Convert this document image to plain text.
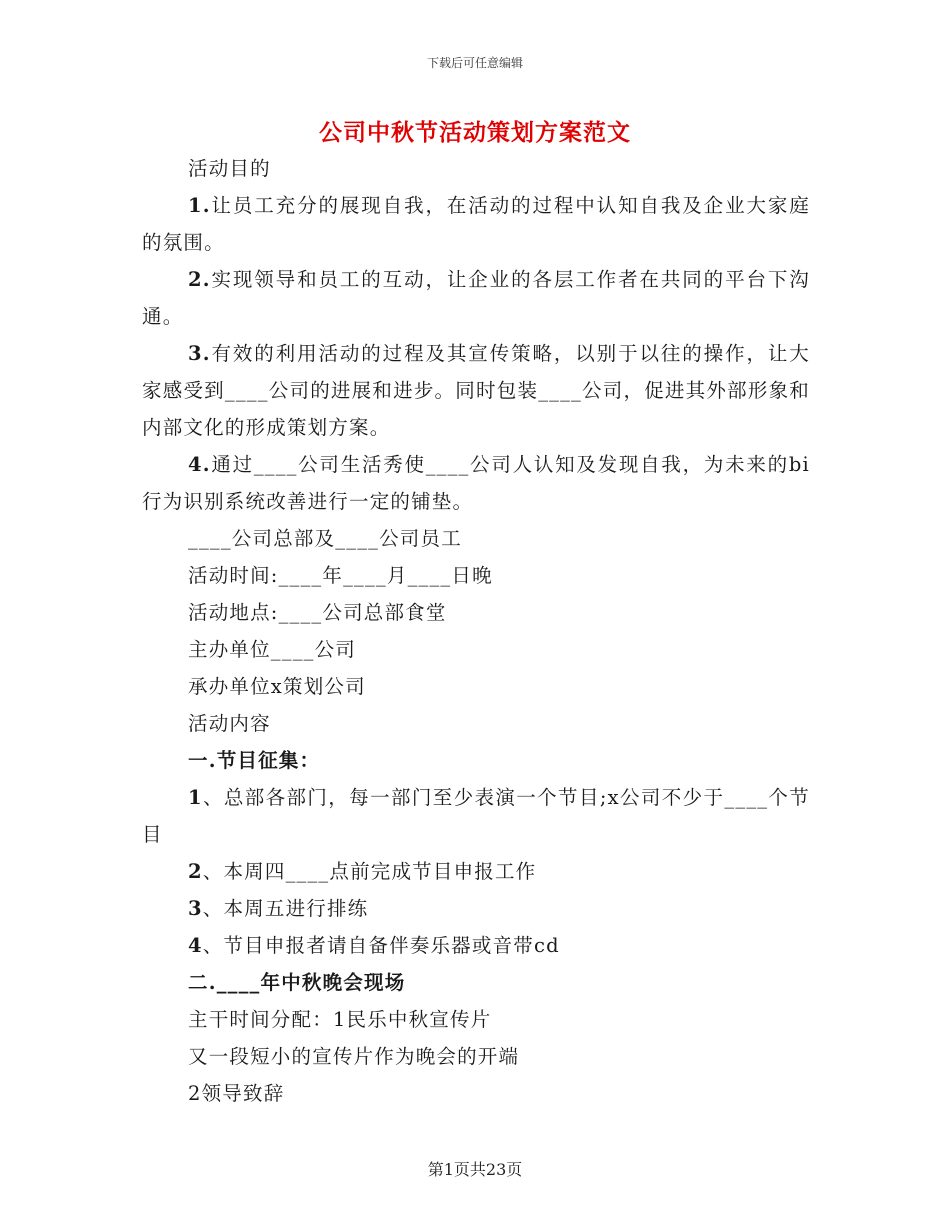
下载后可任意编辑
公司中秋节活动策划方案范文

活动目的

1.让员工充分的展现自我，在活动的过程中认知自我及企业大家庭的氛围。

2.实现领导和员工的互动，让企业的各层工作者在共同的平台下沟通。

3.有效的利用活动的过程及其宣传策略，以别于以往的操作，让大家感受到____公司的进展和进步。同时包装____公司，促进其外部形象和内部文化的形成策划方案。

4.通过____公司生活秀使____公司人认知及发现自我，为未来的bi行为识别系统改善进行一定的铺垫。

____公司总部及____公司员工

活动时间:____年____月____日晚

活动地点:____公司总部食堂

主办单位____公司

承办单位x策划公司

活动内容

一.节目征集：

1、总部各部门，每一部门至少表演一个节目;x公司不少于____个节目

2、本周四____点前完成节目申报工作

3、本周五进行排练

4、节目申报者请自备伴奏乐器或音带cd

二.____年中秋晚会现场

主干时间分配：1民乐中秋宣传片

又一段短小的宣传片作为晚会的开端

2领导致辞

第1页共23页
